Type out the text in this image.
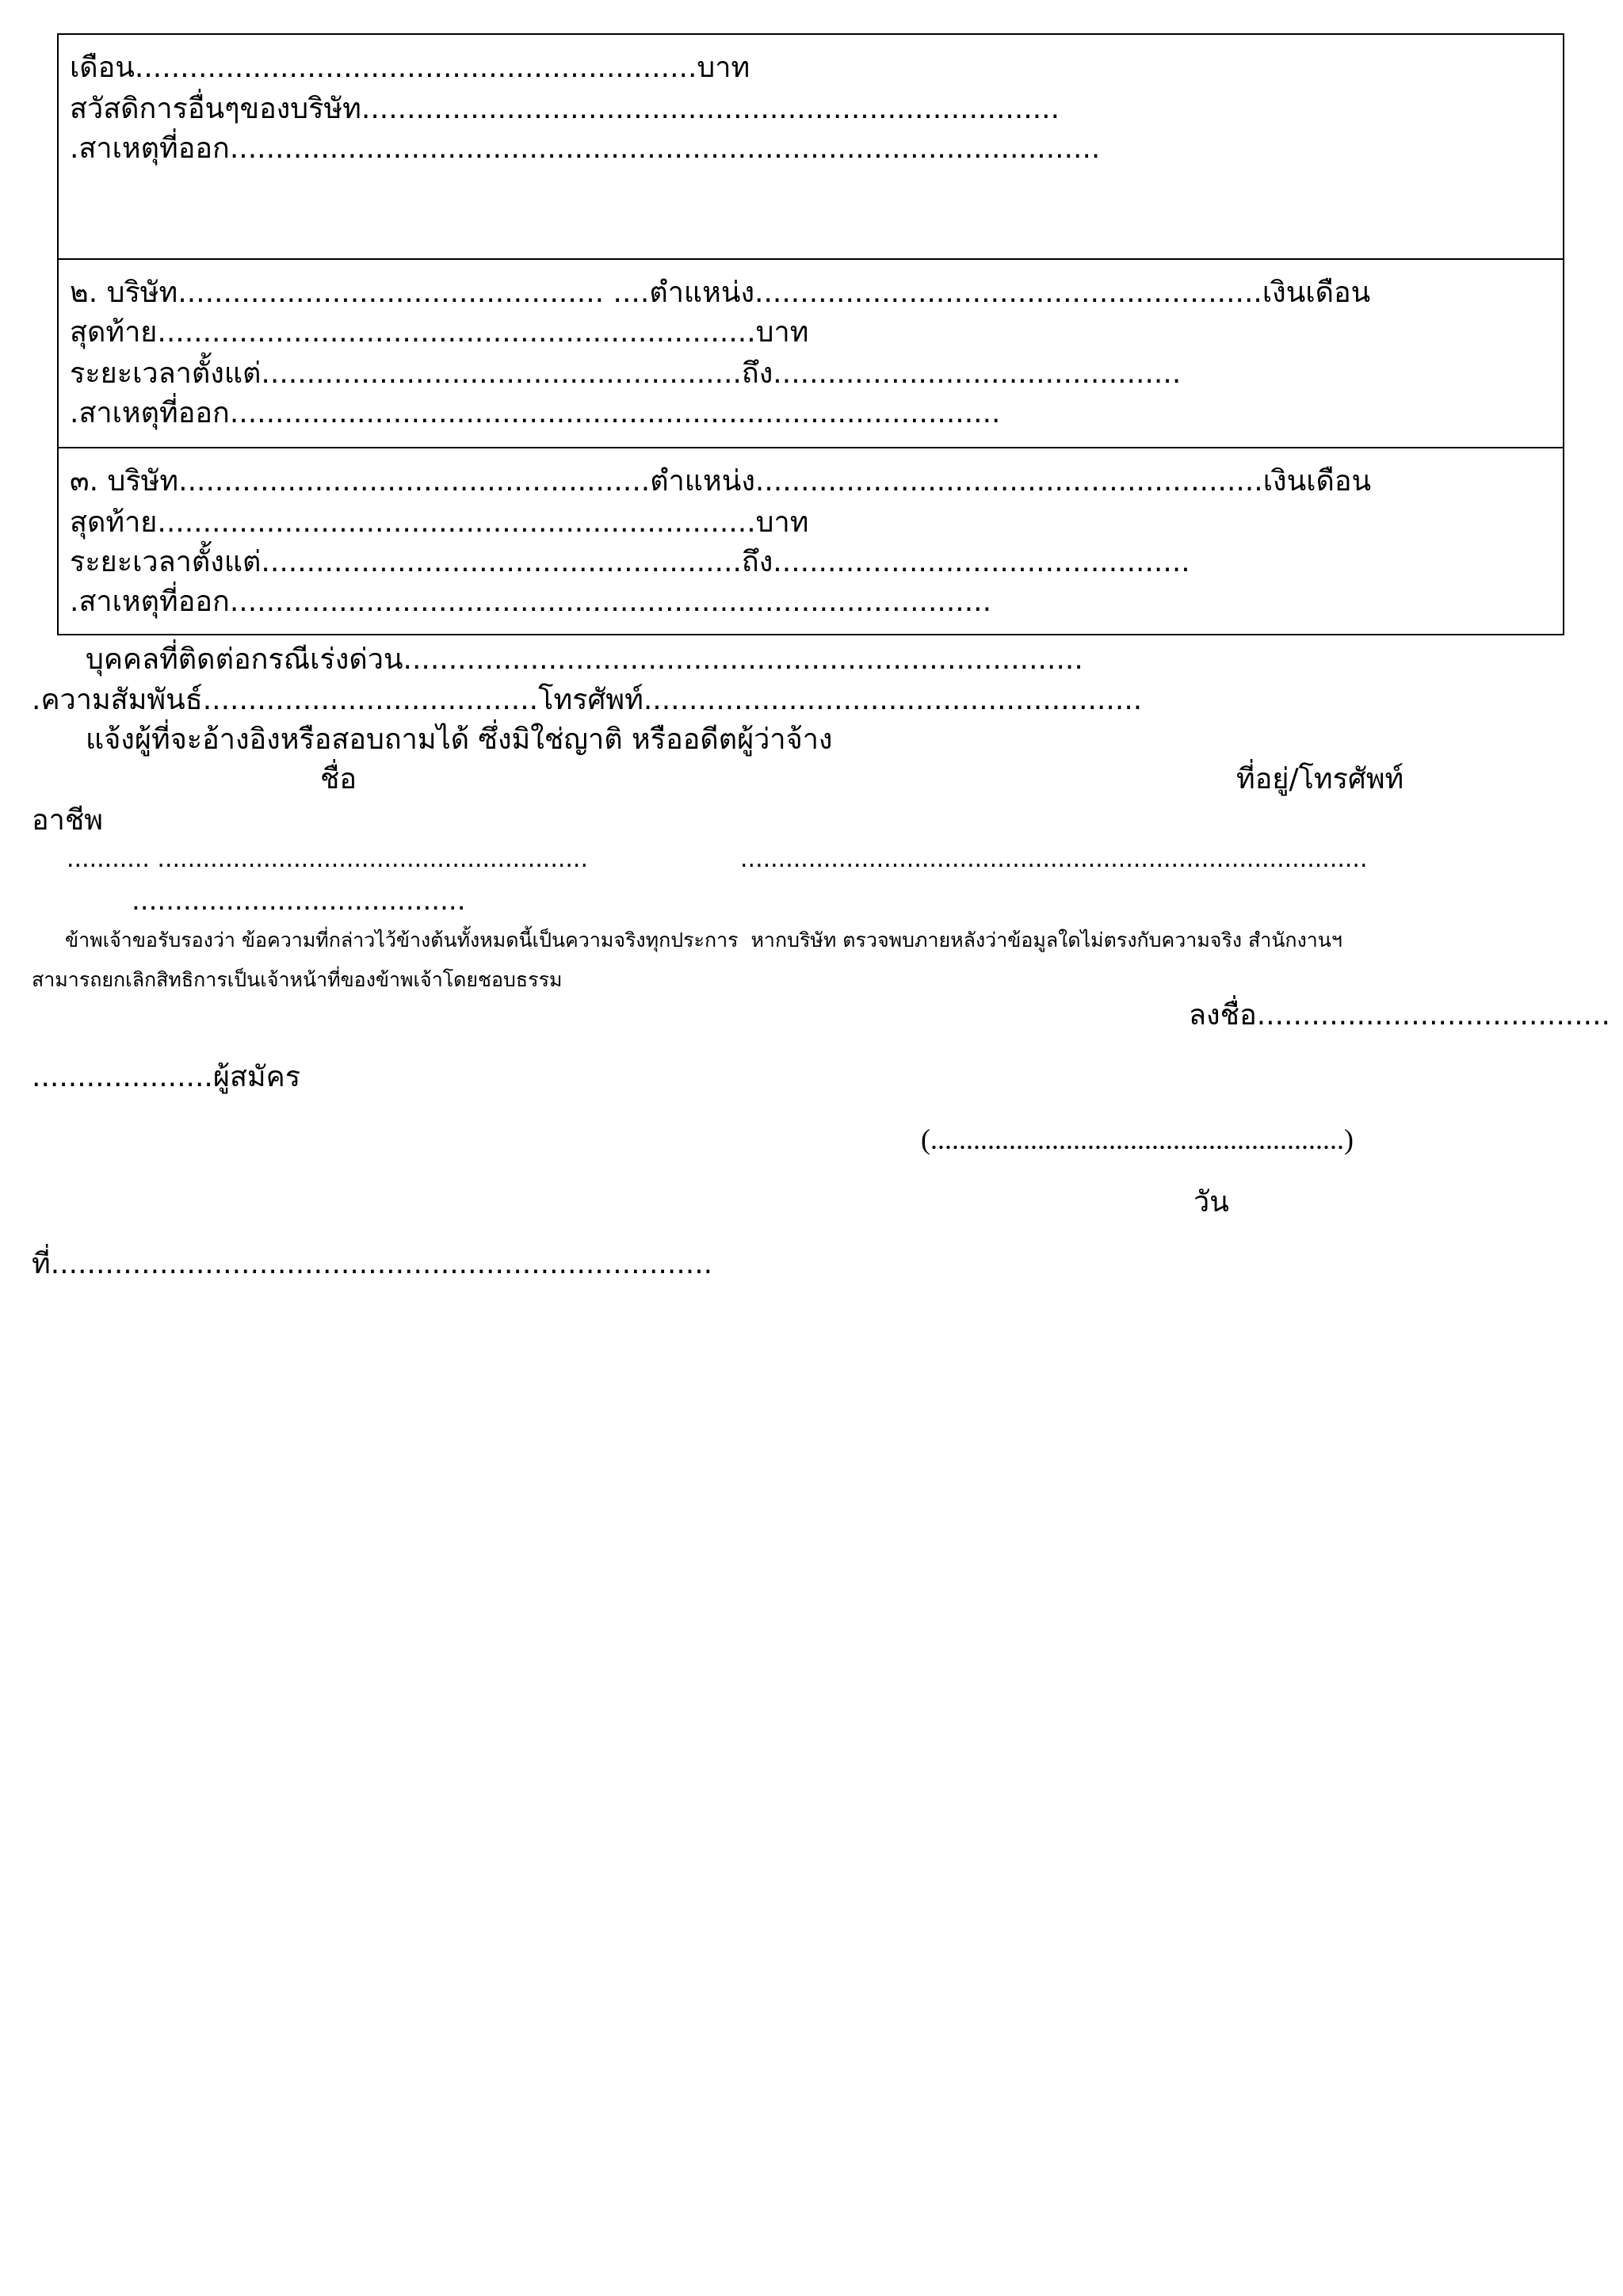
เดือน..............................................................บาท
สวัสดิการอื่นๆของบริษัท.............................................................................
.สาเหตุที่ออก................................................................................................
๒. บริษัท............................................... ....ตำแหน่ง........................................................เงินเดือน
สุดท้าย..................................................................บาท
ระยะเวลาตั้งแต่.....................................................ถึง.............................................
.สาเหตุที่ออก.....................................................................................
๓. บริษัท....................................................ตำแหน่ง........................................................เงินเดือน
สุดท้าย..................................................................บาท
ระยะเวลาตั้งแต่.....................................................ถึง..............................................
.สาเหตุที่ออก....................................................................................
บุคคลที่ติดต่อกรณีเร่งด่วน...........................................................................
.ความสัมพันธ์.....................................โทรศัพท์.......................................................
แจ้งผู้ที่จะอ้างอิงหรือสอบถามได้ ซึ่งมิใช่ญาติ หรืออดีตผู้ว่าจ้าง
ชื่อ	ที่อยู่/โทรศัพท์
อาชีพ
........... .........................................................	...................................................................................
.......................................
ข้าพเจ้าขอรับรองว่า ข้อความที่กล่าวไว้ข้างต้นทั้งหมดนี้เป็นความจริงทุกประการ  หากบริษัท ตรวจพบภายหลังว่าข้อมูลใดไม่ตรงกับความจริง สำนักงานฯ
สามารถยกเลิกสิทธิการเป็นเจ้าหน้าที่ของข้าพเจ้าโดยชอบธรรม
ลงชื่อ.......................................
....................ผู้สมัคร
(..........................................................)
วัน
ที่.........................................................................
